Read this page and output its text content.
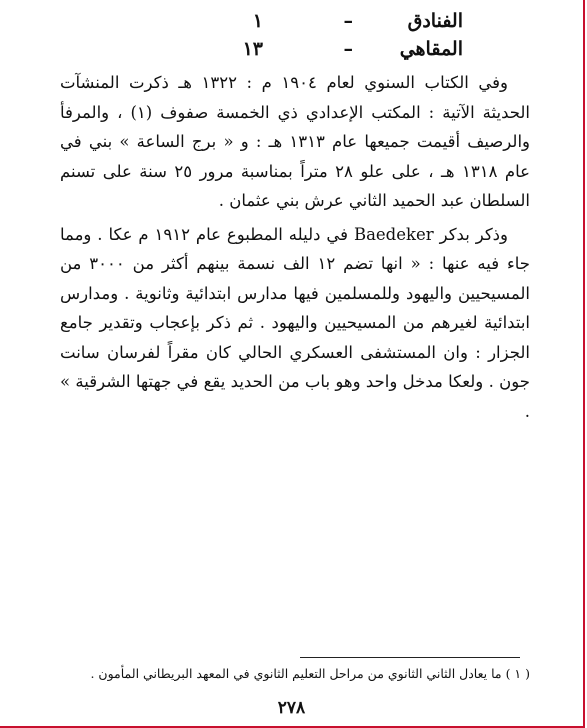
الفنادق
–
١
المقاهي
–
١٣

وفي الكتاب السنوي لعام ١٩٠٤ م : ١٣٢٢ هـ ذكرت المنشآت الحديثة الآتية : المكتب الإعدادي ذي الخمسة صفوف (١) ، والمرفأ والرصيف أقيمت جميعها عام ١٣١٣ هـ : و « برج الساعة » بني في عام ١٣١٨ هـ ، على علو ٢٨ متراً بمناسبة مرور ٢٥ سنة على تسنم السلطان عبد الحميد الثاني عرش بني عثمان .

وذكر بدكر Baedeker في دليله المطبوع عام ١٩١٢ م عكا . ومما جاء فيه عنها : « انها تضم ١٢ الف نسمة بينهم أكثر من ٣٠٠٠ من المسيحيين واليهود وللمسلمين فيها مدارس ابتدائية وثانوية . ومدارس ابتدائية لغيرهم من المسيحيين واليهود . ثم ذكر بإعجاب وتقدير جامع الجزار : وان المستشفى العسكري الحالي كان مقراً لفرسان سانت جون . ولعكا مدخل واحد وهو باب من الحديد يقع في جهتها الشرقية » .

( ١ ) ما يعادل الثاني الثانوي من مراحل التعليم الثانوي في المعهد البريطاني المأمون .
٢٧٨
